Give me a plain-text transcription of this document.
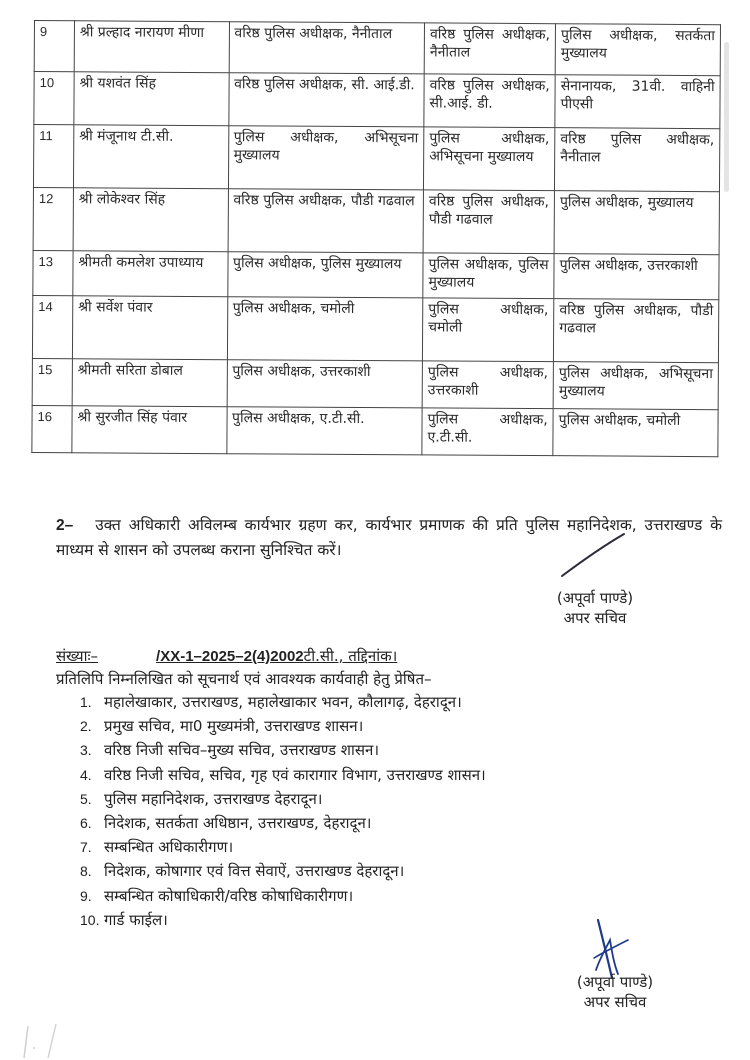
9	श्री प्रल्हाद नारायण मीणा	वरिष्ठ पुलिस अधीक्षक, नैनीताल	वरिष्ठ पुलिस अधीक्षक, नैनीताल	पुलिस अधीक्षक, सतर्कता मुख्यालय
10	श्री यशवंत सिंह	वरिष्ठ पुलिस अधीक्षक, सी. आई.डी.	वरिष्ठ पुलिस अधीक्षक, सी.आई. डी.	सेनानायक, 31वी. वाहिनी पीएसी
11	श्री मंजूनाथ टी.सी.	पुलिस अधीक्षक, अभिसूचना मुख्यालय	पुलिस अधीक्षक, अभिसूचना मुख्यालय	वरिष्ठ पुलिस अधीक्षक, नैनीताल
12	श्री लोकेश्वर सिंह	वरिष्ठ पुलिस अधीक्षक, पौडी गढवाल	वरिष्ठ पुलिस अधीक्षक, पौडी गढवाल	पुलिस अधीक्षक, मुख्यालय
13	श्रीमती कमलेश उपाध्याय	पुलिस अधीक्षक, पुलिस मुख्यालय	पुलिस अधीक्षक, पुलिस मुख्यालय	पुलिस अधीक्षक, उत्तरकाशी
14	श्री सर्वेश पंवार	पुलिस अधीक्षक, चमोली	पुलिस अधीक्षक, चमोली	वरिष्ठ पुलिस अधीक्षक, पौडी गढवाल
15	श्रीमती सरिता डोबाल	पुलिस अधीक्षक, उत्तरकाशी	पुलिस अधीक्षक, उत्तरकाशी	पुलिस अधीक्षक, अभिसूचना मुख्यालय
16	श्री सुरजीत सिंह पंवार	पुलिस अधीक्षक, ए.टी.सी.	पुलिस अधीक्षक, ए.टी.सी.	पुलिस अधीक्षक, चमोली

2– उक्त अधिकारी अविलम्ब कार्यभार ग्रहण कर, कार्यभार प्रमाणक की प्रति पुलिस महानिदेशक, उत्तराखण्ड के माध्यम से शासन को उपलब्ध कराना सुनिश्चित करें।

(अपूर्वा पाण्डे)
अपर सचिव
संख्याः–	/XX-1–2025–2(4)2002टी.सी., तद्दिनांक।
प्रतिलिपि निम्नलिखित को सूचनार्थ एवं आवश्यक कार्यवाही हेतु प्रेषित–
1. महालेखाकार, उत्तराखण्ड, महालेखाकार भवन, कौलागढ़, देहरादून।
2. प्रमुख सचिव, मा0 मुख्यमंत्री, उत्तराखण्ड शासन।
3. वरिष्ठ निजी सचिव–मुख्य सचिव, उत्तराखण्ड शासन।
4. वरिष्ठ निजी सचिव, सचिव, गृह एवं कारागार विभाग, उत्तराखण्ड शासन।
5. पुलिस महानिदेशक, उत्तराखण्ड देहरादून।
6. निदेशक, सतर्कता अधिष्ठान, उत्तराखण्ड, देहरादून।
7. सम्बन्धित अधिकारीगण।
8. निदेशक, कोषागार एवं वित्त सेवाऐं, उत्तराखण्ड देहरादून।
9. सम्बन्धित कोषाधिकारी/वरिष्ठ कोषाधिकारीगण।
10. गार्ड फाईल।
(अपूर्वा पाण्डे)
अपर सचिव
